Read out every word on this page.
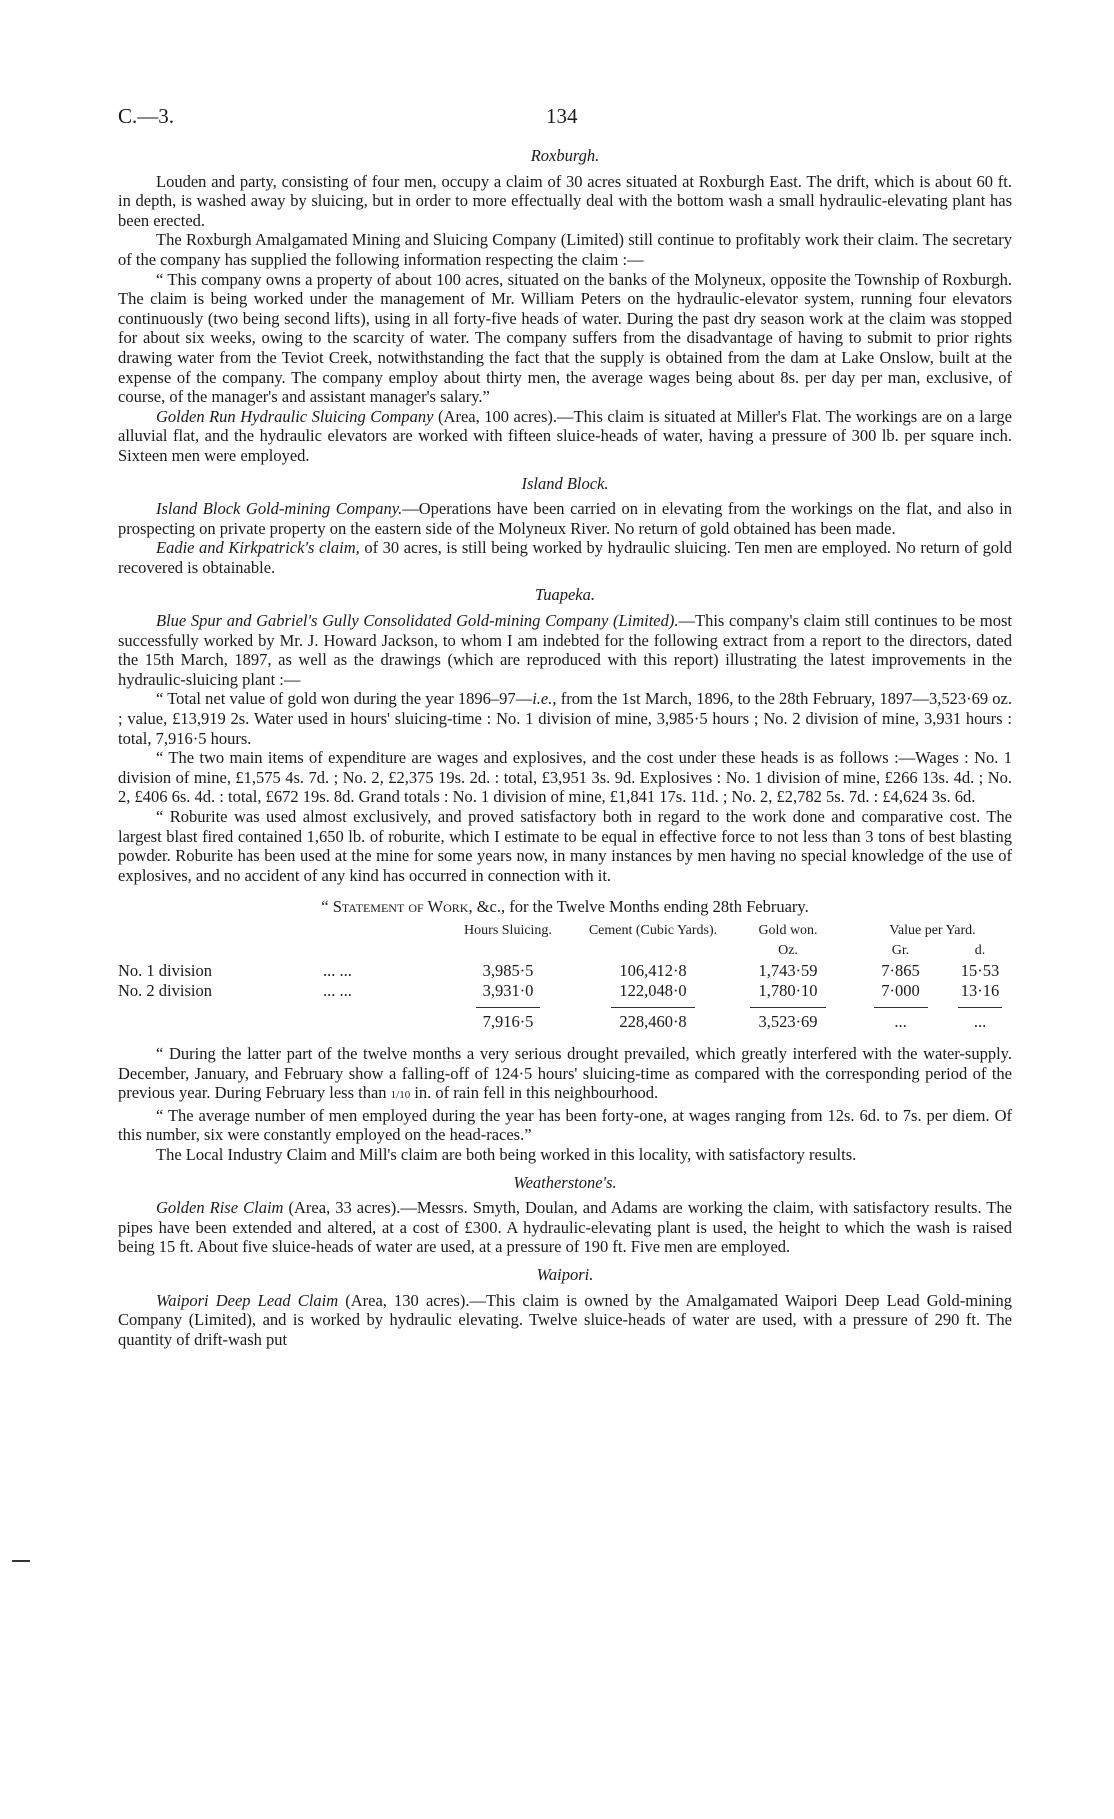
C.—3.	134
Roxburgh.

Louden and party, consisting of four men, occupy a claim of 30 acres situated at Roxburgh East. The drift, which is about 60 ft. in depth, is washed away by sluicing, but in order to more effectually deal with the bottom wash a small hydraulic-elevating plant has been erected.

The Roxburgh Amalgamated Mining and Sluicing Company (Limited) still continue to profitably work their claim. The secretary of the company has supplied the following information respecting the claim :—

“ This company owns a property of about 100 acres, situated on the banks of the Molyneux, opposite the Township of Roxburgh. The claim is being worked under the management of Mr. William Peters on the hydraulic-elevator system, running four elevators continuously (two being second lifts), using in all forty-five heads of water. During the past dry season work at the claim was stopped for about six weeks, owing to the scarcity of water. The company suffers from the disadvantage of having to submit to prior rights drawing water from the Teviot Creek, notwithstanding the fact that the supply is obtained from the dam at Lake Onslow, built at the expense of the company. The company employ about thirty men, the average wages being about 8s. per day per man, exclusive, of course, of the manager's and assistant manager's salary.”

Golden Run Hydraulic Sluicing Company (Area, 100 acres).—This claim is situated at Miller's Flat. The workings are on a large alluvial flat, and the hydraulic elevators are worked with fifteen sluice-heads of water, having a pressure of 300 lb. per square inch. Sixteen men were employed.

Island Block.

Island Block Gold-mining Company.—Operations have been carried on in elevating from the workings on the flat, and also in prospecting on private property on the eastern side of the Molyneux River. No return of gold obtained has been made.

Eadie and Kirkpatrick's claim, of 30 acres, is still being worked by hydraulic sluicing. Ten men are employed. No return of gold recovered is obtainable.

Tuapeka.

Blue Spur and Gabriel's Gully Consolidated Gold-mining Company (Limited).—This company's claim still continues to be most successfully worked by Mr. J. Howard Jackson, to whom I am indebted for the following extract from a report to the directors, dated the 15th March, 1897, as well as the drawings (which are reproduced with this report) illustrating the latest improvements in the hydraulic-sluicing plant :—

“ Total net value of gold won during the year 1896–97—i.e., from the 1st March, 1896, to the 28th February, 1897—3,523·69 oz. ; value, £13,919 2s. Water used in hours' sluicing-time : No. 1 division of mine, 3,985·5 hours ; No. 2 division of mine, 3,931 hours : total, 7,916·5 hours.

“ The two main items of expenditure are wages and explosives, and the cost under these heads is as follows :—Wages : No. 1 division of mine, £1,575 4s. 7d. ; No. 2, £2,375 19s. 2d. : total, £3,951 3s. 9d. Explosives : No. 1 division of mine, £266 13s. 4d. ; No. 2, £406 6s. 4d. : total, £672 19s. 8d. Grand totals : No. 1 division of mine, £1,841 17s. 11d. ; No. 2, £2,782 5s. 7d. : £4,624 3s. 6d.

“ Roburite was used almost exclusively, and proved satisfactory both in regard to the work done and comparative cost. The largest blast fired contained 1,650 lb. of roburite, which I estimate to be equal in effective force to not less than 3 tons of best blasting powder. Roburite has been used at the mine for some years now, in many instances by men having no special knowledge of the use of explosives, and no accident of any kind has occurred in connection with it.

“ Statement of Work, &c., for the Twelve Months ending 28th February.
		Hours Sluicing.	Cement (Cubic Yards).	Gold won.	Value per Yard.	
				Oz.	Gr.	d.
No. 1 division	... ...	3,985·5	106,412·8	1,743·59	7·865	15·53
No. 2 division	... ...	3,931·0	122,048·0	1,780·10	7·000	13·16

		7,916·5	228,460·8	3,523·69	...	...

“ During the latter part of the twelve months a very serious drought prevailed, which greatly interfered with the water-supply. December, January, and February show a falling-off of 124·5 hours' sluicing-time as compared with the corresponding period of the previous year. During February less than 1/10 in. of rain fell in this neighbourhood.

“ The average number of men employed during the year has been forty-one, at wages ranging from 12s. 6d. to 7s. per diem. Of this number, six were constantly employed on the head-races.”

The Local Industry Claim and Mill's claim are both being worked in this locality, with satisfactory results.

Weatherstone's.

Golden Rise Claim (Area, 33 acres).—Messrs. Smyth, Doulan, and Adams are working the claim, with satisfactory results. The pipes have been extended and altered, at a cost of £300. A hydraulic-elevating plant is used, the height to which the wash is raised being 15 ft. About five sluice-heads of water are used, at a pressure of 190 ft. Five men are employed.

Waipori.

Waipori Deep Lead Claim (Area, 130 acres).—This claim is owned by the Amalgamated Waipori Deep Lead Gold-mining Company (Limited), and is worked by hydraulic elevating. Twelve sluice-heads of water are used, with a pressure of 290 ft. The quantity of drift-wash put
